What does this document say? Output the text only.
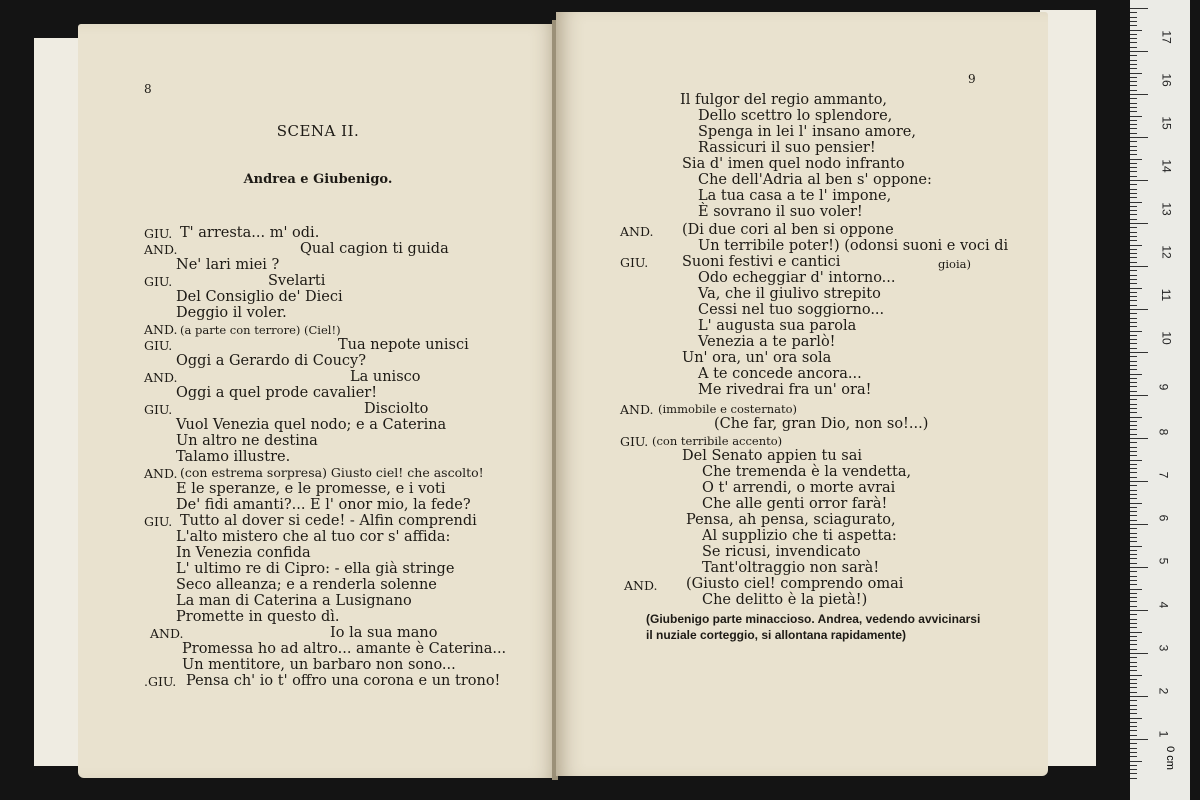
8
SCENA II.
Andrea e Giubenigo.
GIU. T' arresta... m' odi.
AND.	Qual cagion ti guida
Ne' lari miei ?
GIU.	Svelarti
Del Consiglio de' Dieci
Deggio il voler.
AND. (a parte con terrore) (Ciel!)
GIU.	Tua nepote unisci
Oggi a Gerardo di Coucy?
AND.	La unisco
Oggi a quel prode cavalier!
GIU.	Disciolto
Vuol Venezia quel nodo; e a Caterina
Un altro ne destina
Talamo illustre.
AND. (con estrema sorpresa) Giusto ciel! che ascolto!
E le speranze, e le promesse, e i voti
De' fidi amanti?... E l' onor mio, la fede?
GIU. Tutto al dover si cede! - Alfin comprendi
L'alto mistero che al tuo cor s' affida:
In Venezia confida
L' ultimo re di Cipro: - ella già stringe
Seco alleanza; e a renderla solenne
La man di Caterina a Lusignano
Promette in questo dì.
AND.	Io la sua mano
Promessa ho ad altro... amante è Caterina...
Un mentitore, un barbaro non sono...
.GIU. Pensa ch' io t' offro una corona e un trono!
9
Il fulgor del regio ammanto,
Dello scettro lo splendore,
Spenga in lei l' insano amore,
Rassicuri il suo pensier!
Sia d' imen quel nodo infranto
Che dell'Adria al ben s' oppone:
La tua casa a te l' impone,
È sovrano il suo voler!
AND. (Di due cori al ben si oppone
Un terribile poter!) (odonsi suoni e voci di
GIU. Suoni festivi e cantici	gioia)
Odo echeggiar d' intorno...
Va, che il giulivo strepito
Cessi nel tuo soggiorno...
L' augusta sua parola
Venezia a te parlò!
Un' ora, un' ora sola
A te concede ancora...
Me rivedrai fra un' ora!
AND. (immobile e costernato)
(Che far, gran Dio, non so!...)
GIU. (con terribile accento)
Del Senato appien tu sai
Che tremenda è la vendetta,
O t' arrendi, o morte avrai
Che alle genti orror farà!
Pensa, ah pensa, sciagurato,
Al supplizio che ti aspetta:
Se ricusi, invendicato
Tant'oltraggio non sarà!
AND. (Giusto ciel! comprendo omai
Che delitto è la pietà!)
(Giubenigo parte minaccioso. Andrea, vedendo avvicinarsi
il nuziale corteggio, si allontana rapidamente)
17
16
15
14
13
12
11
10
9
8
7
6
5
4
3
2
1
0 cm
